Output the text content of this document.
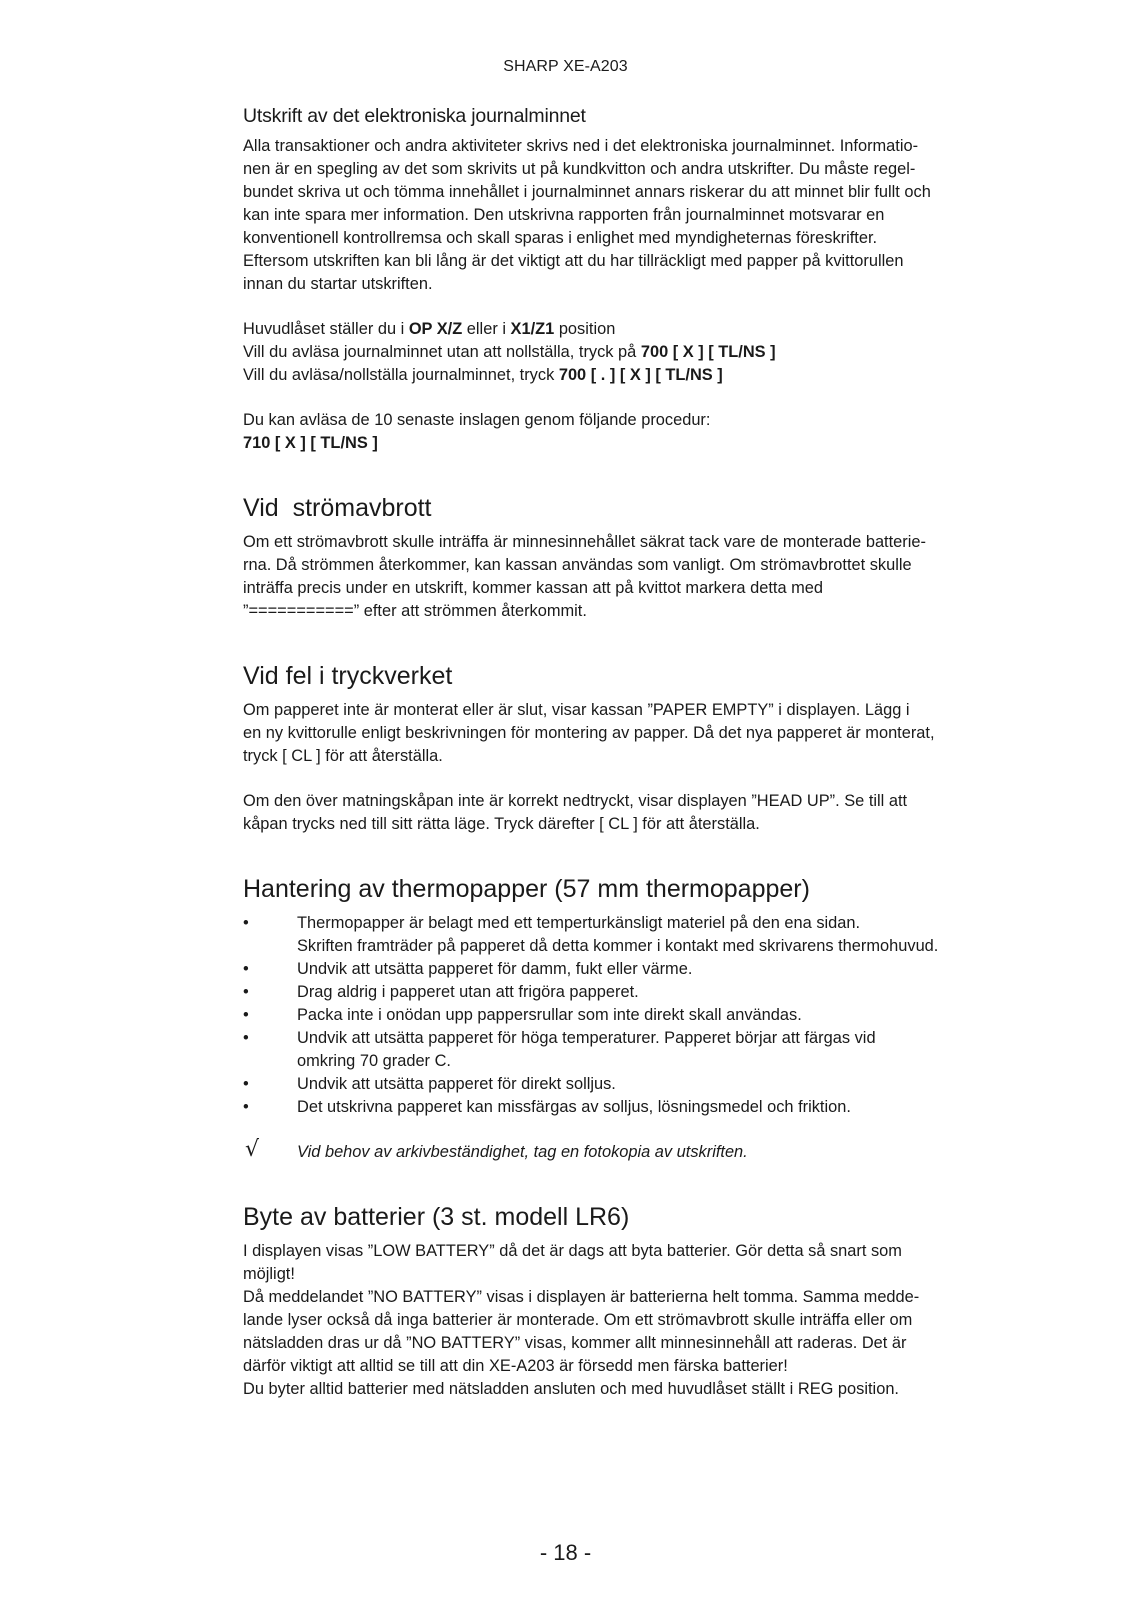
SHARP XE-A203
Utskrift av det elektroniska journalminnet
Alla transaktioner och andra aktiviteter skrivs ned i det elektroniska journalminnet. Informatio-
nen är en spegling av det som skrivits ut på kundkvitton och andra utskrifter. Du måste regel-
bundet skriva ut och tömma innehållet i journalminnet annars riskerar du att minnet blir fullt och
kan inte spara mer information. Den utskrivna rapporten från journalminnet motsvarar en
konventionell kontrollremsa och skall sparas i enlighet med myndigheternas föreskrifter.
Eftersom utskriften kan bli lång är det viktigt att du har tillräckligt med papper på kvittorullen
innan du startar utskriften.
Huvudlåset ställer du i OP X/Z eller i X1/Z1 position
Vill du avläsa journalminnet utan att nollställa, tryck på 700 [ X ] [ TL/NS ]
Vill du avläsa/nollställa journalminnet, tryck 700 [ . ] [ X ] [ TL/NS ]
Du kan avläsa de 10 senaste inslagen genom följande procedur:
710 [ X ] [ TL/NS ]
Vid  strömavbrott
Om ett strömavbrott skulle inträffa är minnesinnehållet säkrat tack vare de monterade batterie-
rna. Då strömmen återkommer, kan kassan användas som vanligt. Om strömavbrottet skulle
inträffa precis under en utskrift, kommer kassan att på kvittot markera detta med
”===========” efter att strömmen återkommit.
Vid fel i tryckverket
Om papperet inte är monterat eller är slut, visar kassan ”PAPER EMPTY” i displayen. Lägg i
en ny kvittorulle enligt beskrivningen för montering av papper. Då det nya papperet är monterat,
tryck [ CL ] för att återställa.
Om den över matningskåpan inte är korrekt nedtryckt, visar displayen ”HEAD UP”. Se till att
kåpan trycks ned till sitt rätta läge. Tryck därefter [ CL ] för att återställa.
Hantering av thermopapper (57 mm thermopapper)
•	Thermopapper är belagt med ett temperturkänsligt materiel på den ena sidan.
Skriften framträder på papperet då detta kommer i kontakt med skrivarens thermohuvud.
•	Undvik att utsätta papperet för damm, fukt eller värme.
•	Drag aldrig i papperet utan att frigöra papperet.
•	Packa inte i onödan upp pappersrullar som inte direkt skall användas.
•	Undvik att utsätta papperet för höga temperaturer. Papperet börjar att färgas vid
omkring 70 grader C.
•	Undvik att utsätta papperet för direkt solljus.
•	Det utskrivna papperet kan missfärgas av solljus, lösningsmedel och friktion.
√ Vid behov av arkivbeständighet, tag en fotokopia av utskriften.
Byte av batterier (3 st. modell LR6)
I displayen visas ”LOW BATTERY” då det är dags att byta batterier. Gör detta så snart som
möjligt!
Då meddelandet ”NO BATTERY” visas i displayen är batterierna helt tomma. Samma medde-
lande lyser också då inga batterier är monterade. Om ett strömavbrott skulle inträffa eller om
nätsladden dras ur då ”NO BATTERY” visas, kommer allt minnesinnehåll att raderas. Det är
därför viktigt att alltid se till att din XE-A203 är försedd men färska batterier!
Du byter alltid batterier med nätsladden ansluten och med huvudlåset ställt i REG position.
- 18 -
